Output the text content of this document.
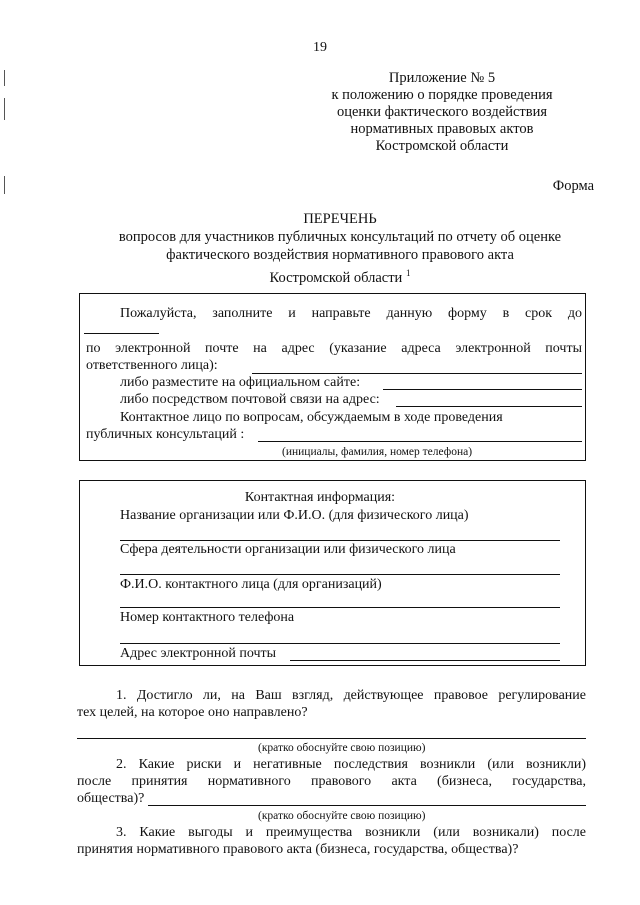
19
Приложение № 5
к положению о порядке проведения
оценки фактического воздействия
нормативных правовых актов
Костромской области
Форма
ПЕРЕЧЕНЬ
вопросов для участников публичных консультаций по отчету об оценке
фактического воздействия нормативного правового акта
Костромской области $^1$
Пожалуйста, заполните и направьте данную форму в срок до
по электронной почте на адрес (указание адреса электронной почты
ответственного лица):
либо разместите на официальном сайте:
либо посредством почтовой связи на адрес:
Контактное лицо по вопросам, обсуждаемым в ходе проведения
публичных консультаций :
(инициалы, фамилия, номер телефона)
Контактная информация:
Название организации или Ф.И.О. (для физического лица)
Сфера деятельности организации или физического лица
Ф.И.О. контактного лица (для организаций)
Номер контактного телефона
Адрес электронной почты
1. Достигло ли, на Ваш взгляд, действующее правовое регулирование
тех целей, на которое оно направлено?
(кратко обоснуйте свою позицию)
2. Какие риски и негативные последствия возникли (или возникли)
после принятия нормативного правового акта (бизнеса, государства,
общества)?
(кратко обоснуйте свою позицию)
3. Какие выгоды и преимущества возникли (или возникали) после
принятия нормативного правового акта (бизнеса, государства, общества)?
